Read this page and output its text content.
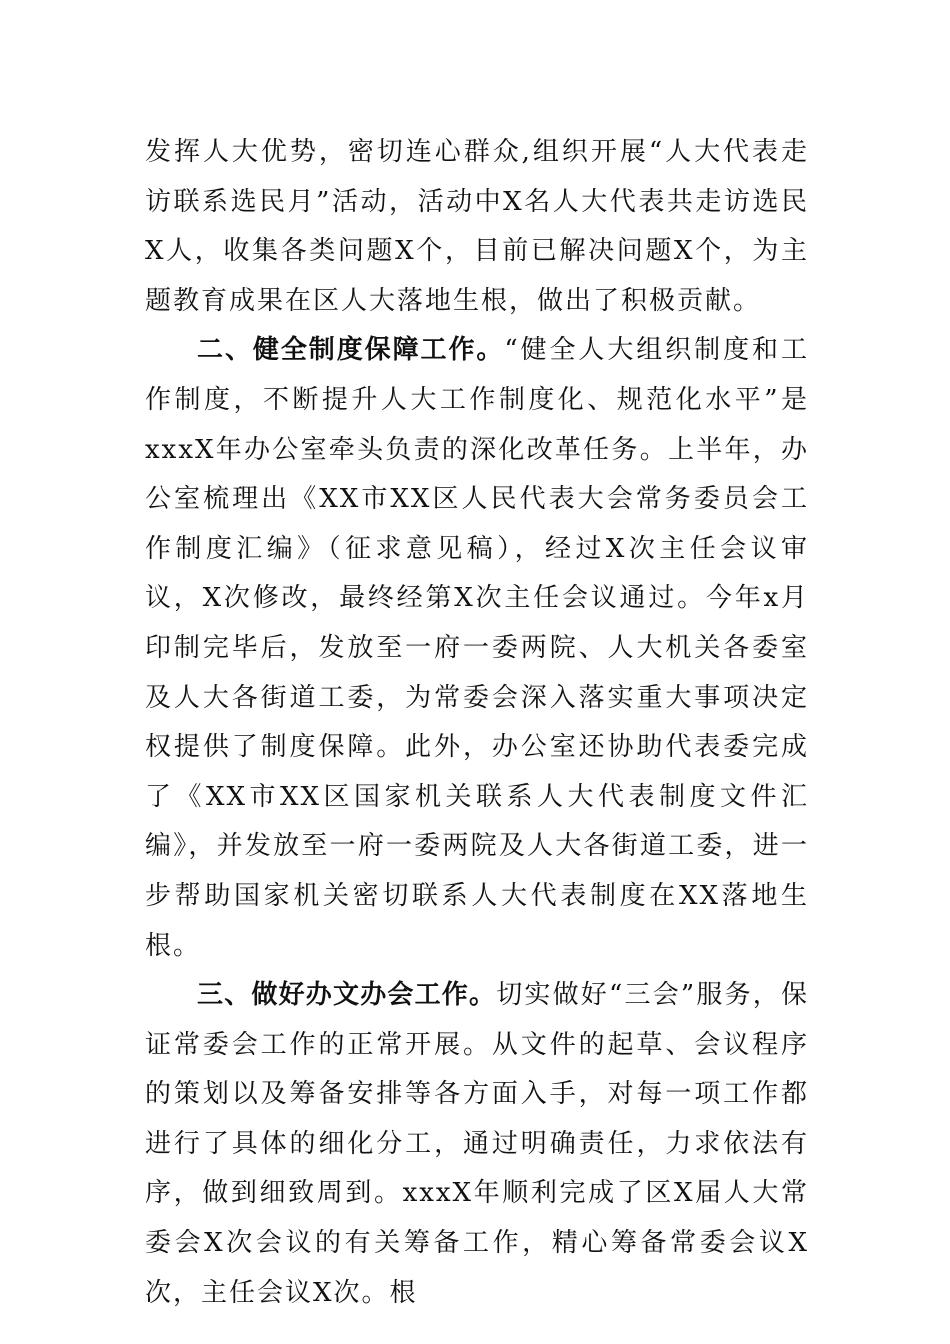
发挥人大优势，密切连心群众,组织开展“人大代表走访联系选民月”活动，活动中X名人大代表共走访选民X人，收集各类问题X个，目前已解决问题X个，为主题教育成果在区人大落地生根，做出了积极贡献。

二、健全制度保障工作。“健全人大组织制度和工作制度，不断提升人大工作制度化、规范化水平”是xxxX年办公室牵头负责的深化改革任务。上半年，办公室梳理出《XX市XX区人民代表大会常务委员会工作制度汇编》（征求意见稿），经过X次主任会议审议，X次修改，最终经第X次主任会议通过。今年x月印制完毕后，发放至一府一委两院、人大机关各委室及人大各街道工委，为常委会深入落实重大事项决定权提供了制度保障。此外，办公室还协助代表委完成了《XX市XX区国家机关联系人大代表制度文件汇编》，并发放至一府一委两院及人大各街道工委，进一步帮助国家机关密切联系人大代表制度在XX落地生根。

三、做好办文办会工作。切实做好“三会”服务，保证常委会工作的正常开展。从文件的起草、会议程序的策划以及筹备安排等各方面入手，对每一项工作都进行了具体的细化分工，通过明确责任，力求依法有序，做到细致周到。xxxX年顺利完成了区X届人大常委会X次会议的有关筹备工作，精心筹备常委会议X次，主任会议X次。根
